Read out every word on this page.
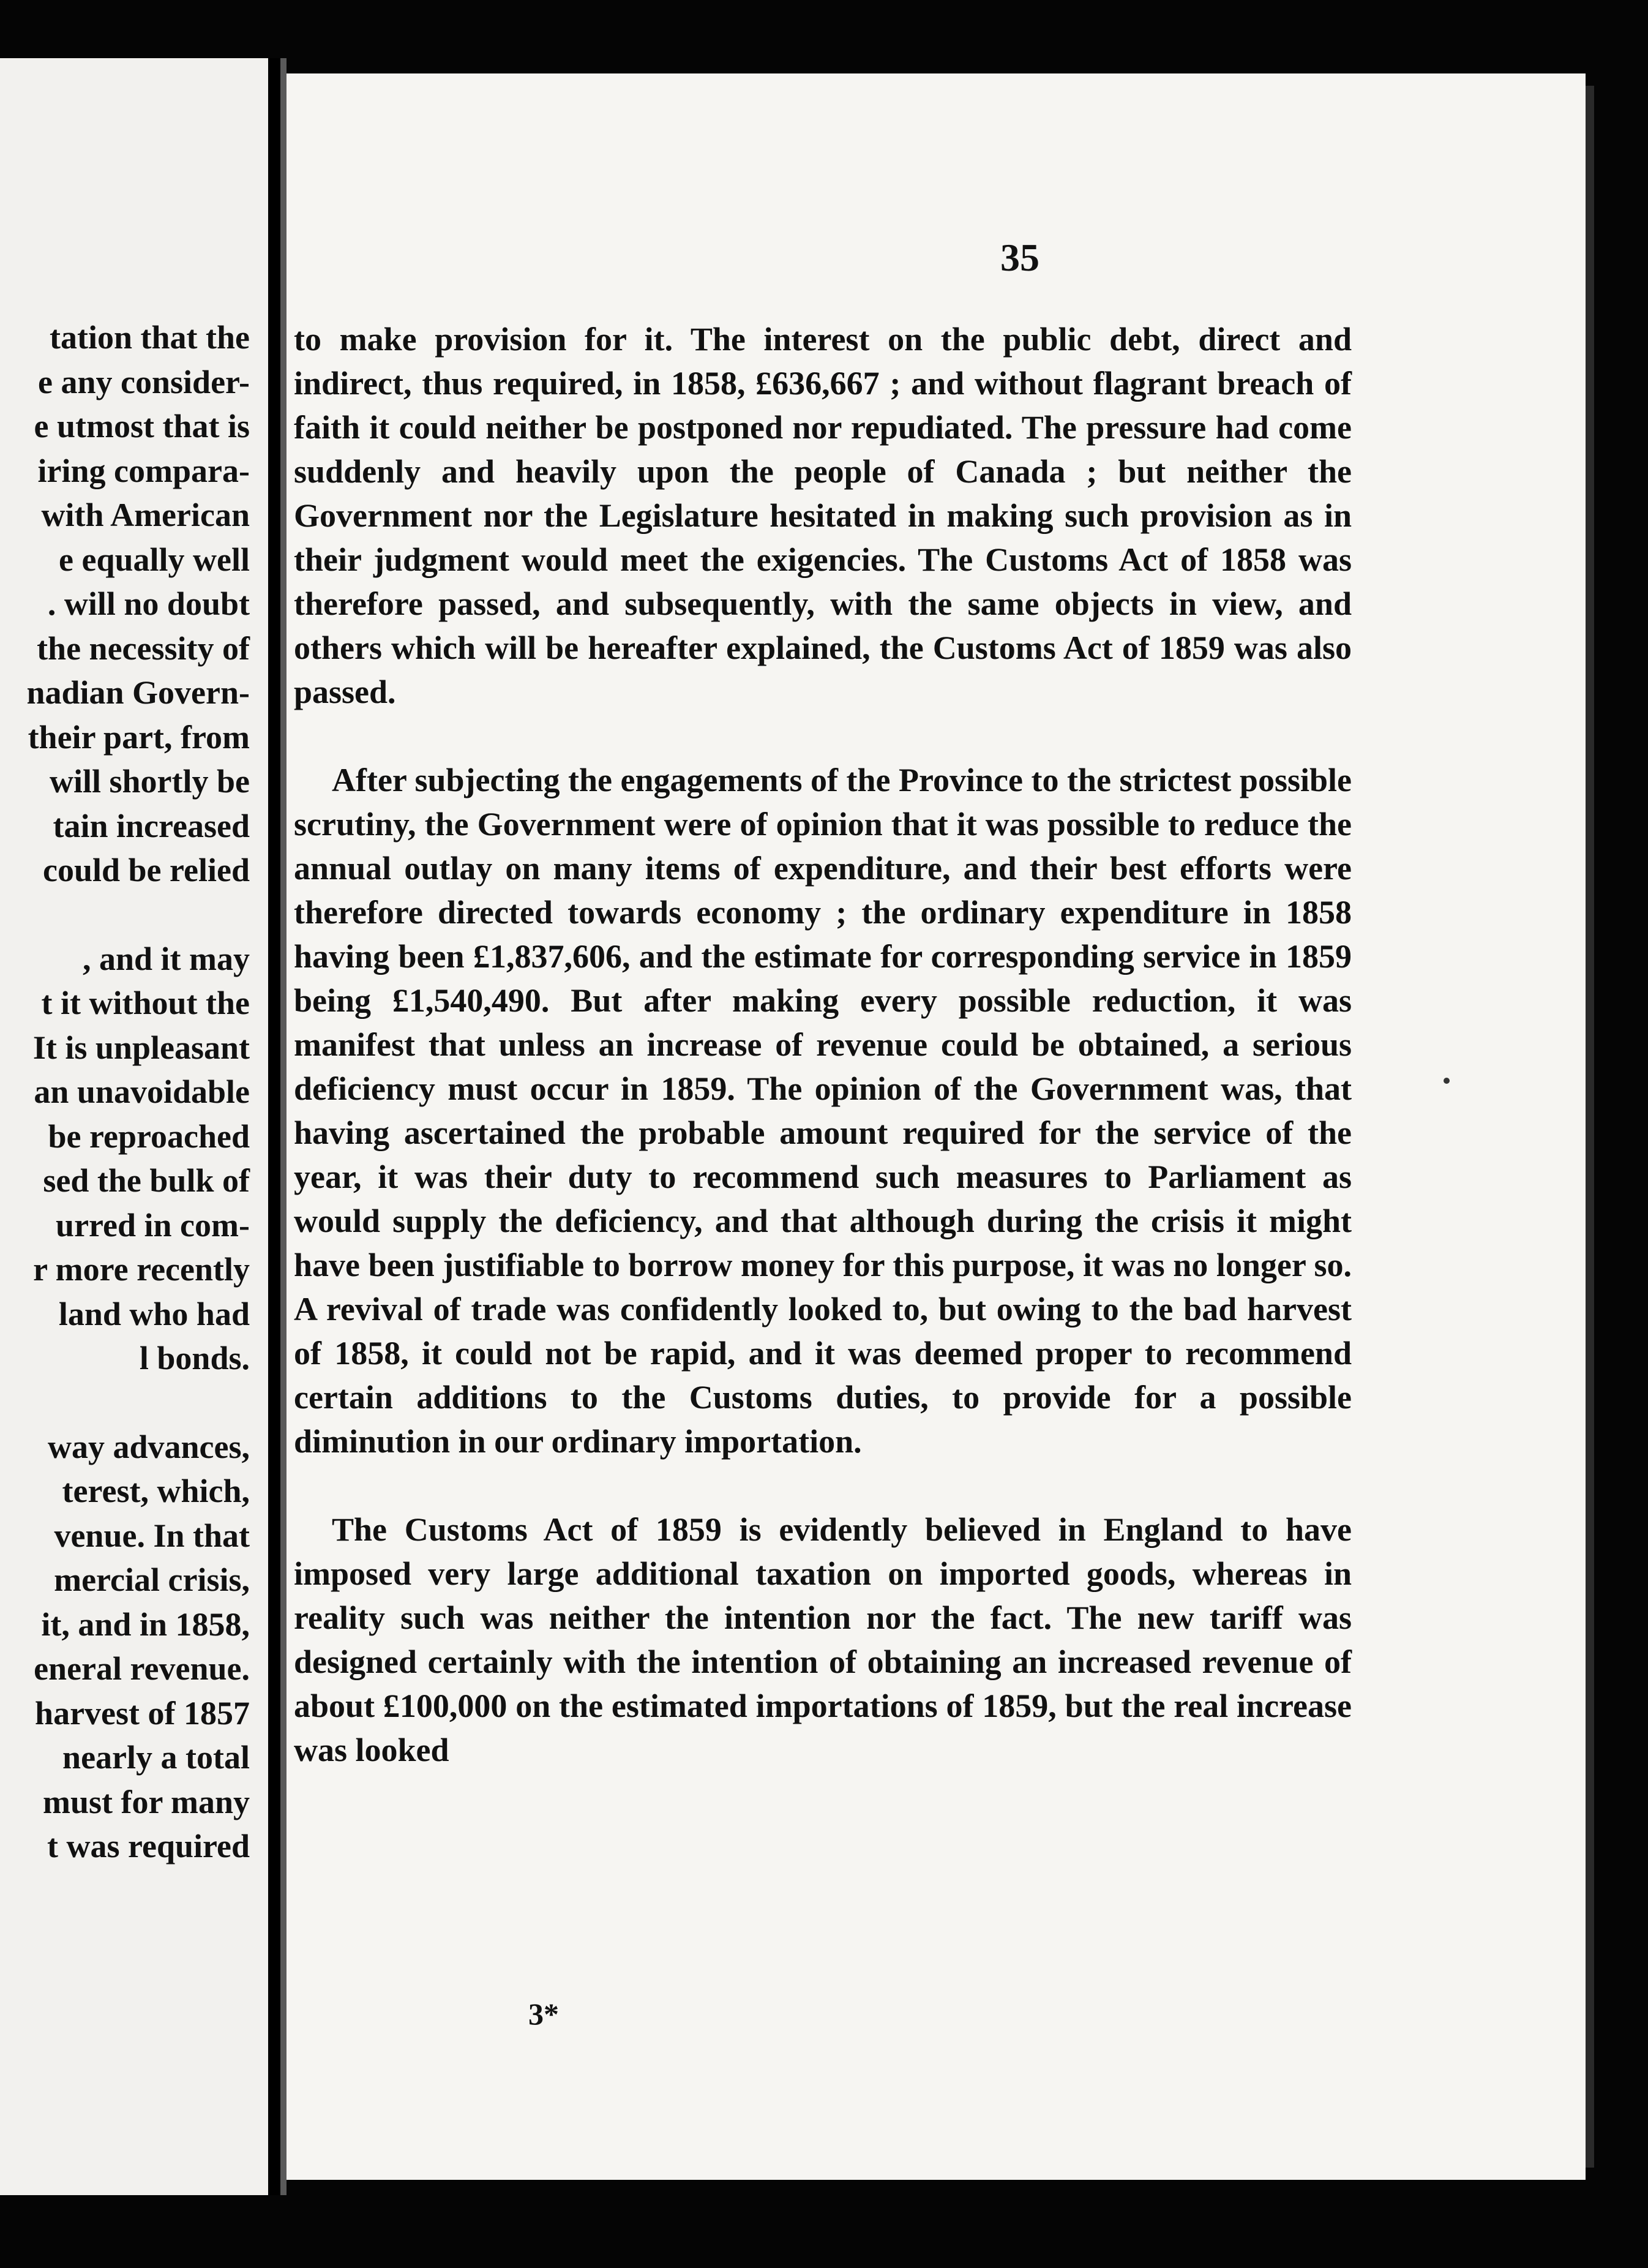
tation that the
e any consider-
e utmost that is
iring compara-
with American
e equally well
. will no doubt
the necessity of
nadian Govern-
their part, from
will shortly be
tain increased
could be relied
, and it may
t it without the
It is unpleasant
an unavoidable
be reproached
sed the bulk of
urred in com-
r more recently
land who had
l bonds.
way advances,
terest, which,
venue. In that
mercial crisis,
it, and in 1858,
eneral revenue.
harvest of 1857
nearly a total
must for many
t was required
35

to make provision for it. The interest on the public debt, direct and indirect, thus required, in 1858, £636,667 ; and without flagrant breach of faith it could neither be postponed nor repudiated. The pressure had come suddenly and heavily upon the people of Canada ; but neither the Government nor the Legislature hesitated in making such provision as in their judgment would meet the exigencies. The Customs Act of 1858 was therefore passed, and subsequently, with the same objects in view, and others which will be hereafter explained, the Customs Act of 1859 was also passed.

After subjecting the engagements of the Province to the strictest possible scrutiny, the Government were of opinion that it was possible to reduce the annual outlay on many items of expenditure, and their best efforts were therefore directed towards economy ; the ordinary expenditure in 1858 having been £1,837,606, and the estimate for corresponding service in 1859 being £1,540,490. But after making every possible reduction, it was manifest that unless an increase of revenue could be obtained, a serious deficiency must occur in 1859. The opinion of the Government was, that having ascertained the probable amount required for the service of the year, it was their duty to recommend such measures to Parliament as would supply the deficiency, and that although during the crisis it might have been justifiable to borrow money for this purpose, it was no longer so. A revival of trade was confidently looked to, but owing to the bad harvest of 1858, it could not be rapid, and it was deemed proper to recommend certain additions to the Customs duties, to provide for a possible diminution in our ordinary importation.

The Customs Act of 1859 is evidently believed in England to have imposed very large additional taxation on imported goods, whereas in reality such was neither the intention nor the fact. The new tariff was designed certainly with the intention of obtaining an increased revenue of about £100,000 on the estimated importations of 1859, but the real increase was looked

3*
